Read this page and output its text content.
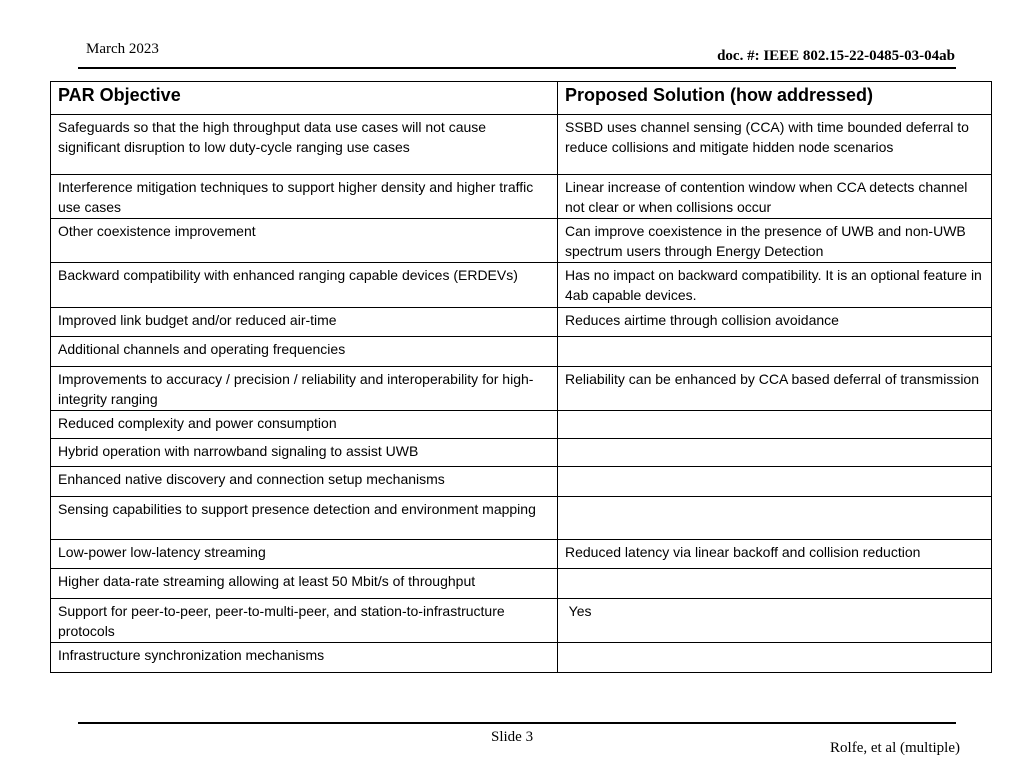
March 2023	doc. #: IEEE 802.15-22-0485-03-04ab
PAR Objective	Proposed Solution (how addressed)
Safeguards so that the high throughput data use cases will not cause significant disruption to low duty-cycle ranging use cases	SSBD uses channel sensing (CCA) with time bounded deferral to reduce collisions and mitigate hidden node scenarios
Interference mitigation techniques to support higher density and higher traffic use cases	Linear increase of contention window when CCA detects channel not clear or when collisions occur
Other coexistence improvement	Can improve coexistence in the presence of UWB and non-UWB spectrum users through Energy Detection
Backward compatibility with enhanced ranging capable devices (ERDEVs)	Has no impact on backward compatibility. It is an optional feature in 4ab capable devices.
Improved link budget and/or reduced air-time	Reduces airtime through collision avoidance
Additional channels and operating frequencies	
Improvements to accuracy / precision / reliability and interoperability for high-integrity ranging	Reliability can be enhanced by CCA based deferral of transmission
Reduced complexity and power consumption	
Hybrid operation with narrowband signaling to assist UWB	
Enhanced native discovery and connection setup mechanisms	
Sensing capabilities to support presence detection and environment mapping	
Low-power low-latency streaming	Reduced latency via linear backoff and collision reduction
Higher data-rate streaming allowing at least 50 Mbit/s of throughput	
Support for peer-to-peer, peer-to-multi-peer, and station-to-infrastructure protocols	Yes
Infrastructure synchronization mechanisms	
Slide 3
Rolfe, et al (multiple)
